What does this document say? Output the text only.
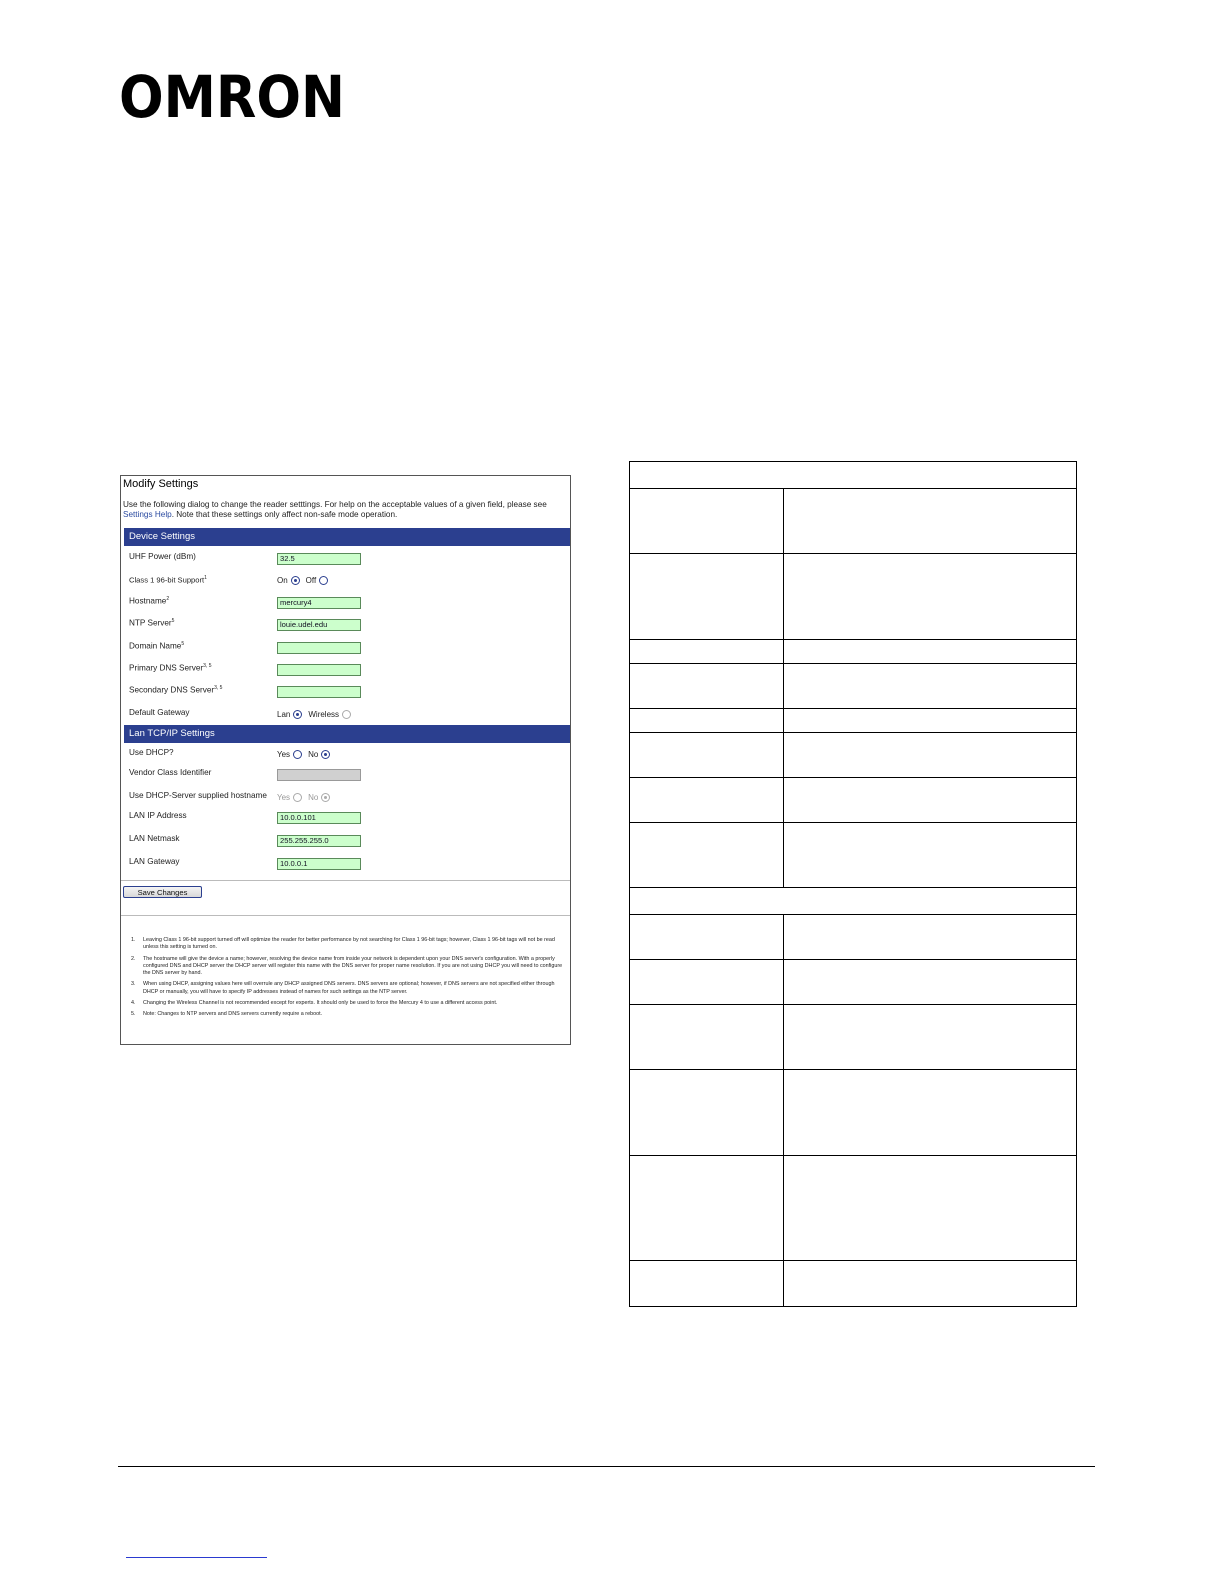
OMRON
Modify Settings
Use the following dialog to change the reader setttings. For help on the acceptable values of a given field, please see Settings Help. Note that these settings only affect non-safe mode operation.
Device Settings
UHF Power (dBm)	32.5
Class 1 96-bit Support$^1$	On Off
Hostname$^2$	mercury4
NTP Server$^5$	louie.udel.edu
Domain Name$^5$
Primary DNS Server$^{3, 5}$
Secondary DNS Server$^{3, 5}$
Default Gateway	Lan Wireless
Lan TCP/IP Settings
Use DHCP?	Yes No
Vendor Class Identifier
Use DHCP-Server supplied hostname Yes No
LAN IP Address	10.0.0.101
LAN Netmask	255.255.255.0
LAN Gateway	10.0.0.1
Save Changes
1.	Leaving Class 1 96-bit support turned off will optimize the reader for better performance by not searching for Class 1 96-bit tags; however, Class 1 96-bit tags will not be read unless this setting is turned on.
2.	The hostname will give the device a name; however, resolving the device name from inside your network is dependent upon your DNS server's configuration. With a properly configured DNS and DHCP server the DHCP server will register this name with the DNS server for proper name resolution. If you are not using DHCP you will need to configure the DNS server by hand.
3.	When using DHCP, assigning values here will overrule any DHCP assigned DNS servers. DNS servers are optional; however, if DNS servers are not specified either through DHCP or manually, you will have to specify IP addresses instead of names for such settings as the NTP server.
4.	Changing the Wireless Channel is not recommended except for experts. It should only be used to force the Mercury 4 to use a different access point.
5.	Note: Changes to NTP servers and DNS servers currently require a reboot.
